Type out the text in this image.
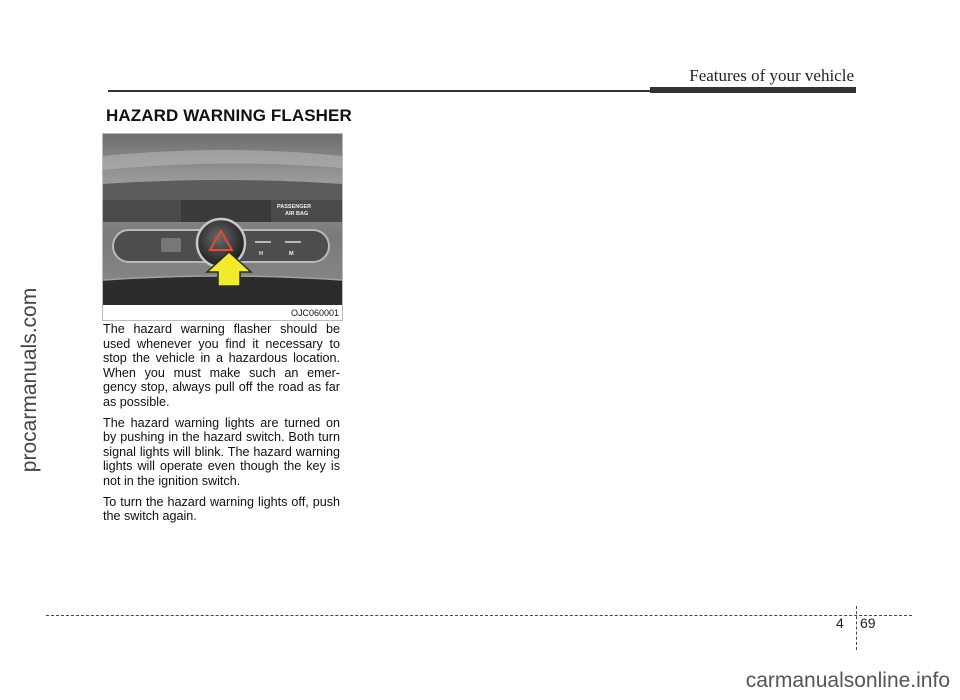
Features of your vehicle
HAZARD WARNING FLASHER
PASSENGER
AIR BAG
H	M
OJC060001

The hazard warning flasher should be used whenever you find it necessary to stop the vehicle in a hazardous location. When you must make such an emer-gency stop, always pull off the road as far as possible.

The hazard warning lights are turned on by pushing in the hazard switch. Both turn signal lights will blink. The hazard warning lights will operate even though the key is not in the ignition switch.

To turn the hazard warning lights off, push the switch again.

4 69
procarmanuals.com
carmanualsonline.info
